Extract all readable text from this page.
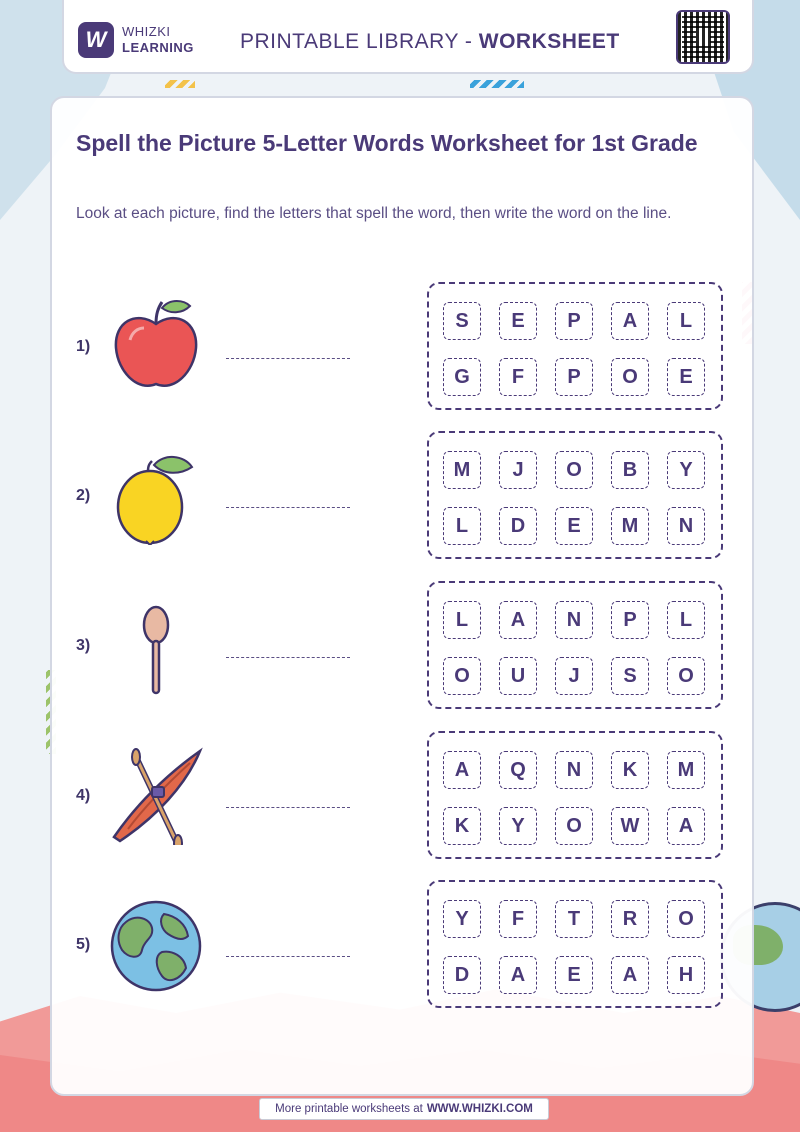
W	WHIZKI
LEARNING PRINTABLE LIBRARY - WORKSHEET
Spell the Picture 5-Letter Words Worksheet for 1st Grade

Look at each picture, find the letters that spell the word, then write the word on the line.

1)
S	E	P	A	L
G	F	P	O	E
2)
M	J	O	B	Y
L	D	E	M	N
3)
L	A	N	P	L
O	U	J	S	O
4)
A	Q	N	K	M
K	Y	O	W	A
5)
Y	F	T	R	O
D	A	E	A	H
More printable worksheets at WWW.WHIZKI.COM
